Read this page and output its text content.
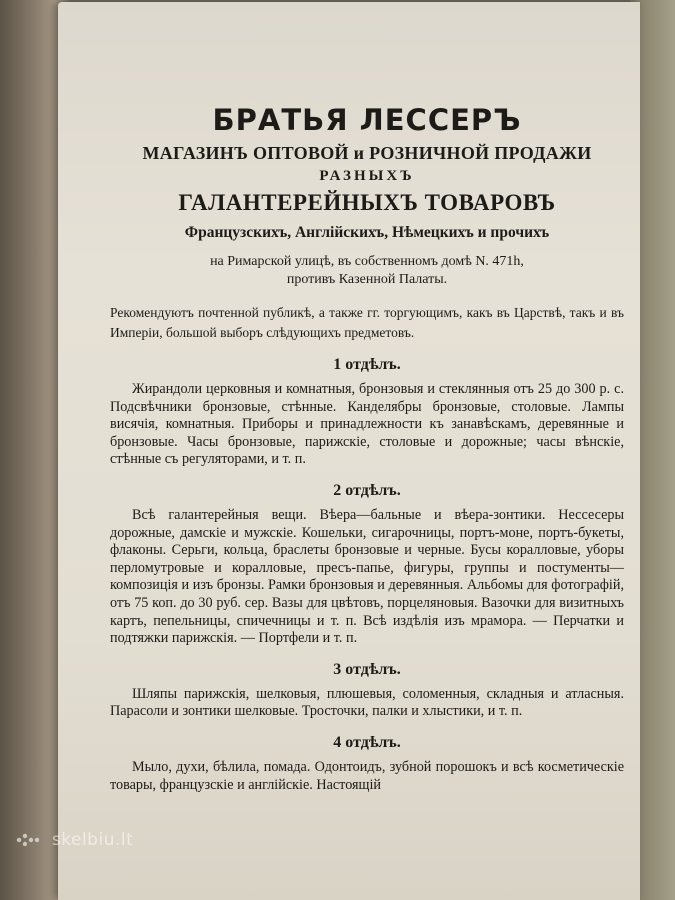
БРАТЬЯ ЛЕССЕРЪ

МАГАЗИНЪ ОПТОВОЙ и РОЗНИЧНОЙ ПРОДАЖИ

РАЗНЫХЪ

ГАЛАНТЕРЕЙНЫХЪ ТОВАРОВЪ

Французскихъ, Англiйскихъ, Нѣмецкихъ и прочихъ

на Римарской улицѣ, въ собственномъ домѣ N. 471h,
противъ Казенной Палаты.

Рекомендуютъ почтенной публикѣ, а также гг. торгующимъ, какъ въ Царствѣ, такъ и въ Имперiи, большой выборъ слѣдующихъ предметовъ.

1 отдѣлъ.

Жирандоли церковныя и комнатныя, бронзовыя и стеклянныя отъ 25 до 300 р. с. Подсвѣчники бронзовые, стѣнные. Канделябры бронзовые, столовые. Лампы висячiя, комнатныя. Приборы и принадлежности къ занавѣскамъ, деревянные и бронзовые. Часы бронзовые, парижскiе, столовые и дорожные; часы вѣнскiе, стѣнные съ регуляторами, и т. п.

2 отдѣлъ.

Всѣ галантерейныя вещи. Вѣера—бальные и вѣера-зонтики. Нессесеры дорожные, дамскiе и мужскiе. Кошельки, сигарочницы, портъ-моне, портъ-букеты, флаконы. Серьги, кольца, браслеты бронзовые и черные. Бусы коралловые, уборы перломутровые и коралловые, пресъ-папье, фигуры, группы и постументы—композицiя и изъ бронзы. Рамки бронзовыя и деревянныя. Альбомы для фотографiй, отъ 75 коп. до 30 руб. сер. Вазы для цвѣтовъ, порцеляновыя. Вазочки для визитныхъ картъ, пепельницы, спичечницы и т. п. Всѣ издѣлiя изъ мрамора. — Перчатки и подтяжки парижскiя. — Портфели и т. п.

3 отдѣлъ.

Шляпы парижскiя, шелковыя, плюшевыя, соломенныя, складныя и атласныя. Парасоли и зонтики шелковые. Тросточки, палки и хлыстики, и т. п.

4 отдѣлъ.

Мыло, духи, бѣлила, помада. Одонтоидъ, зубной порошокъ и всѣ косметическiе товары, французскiе и англiйскiе. Настоящiй

skelbiu.lt
